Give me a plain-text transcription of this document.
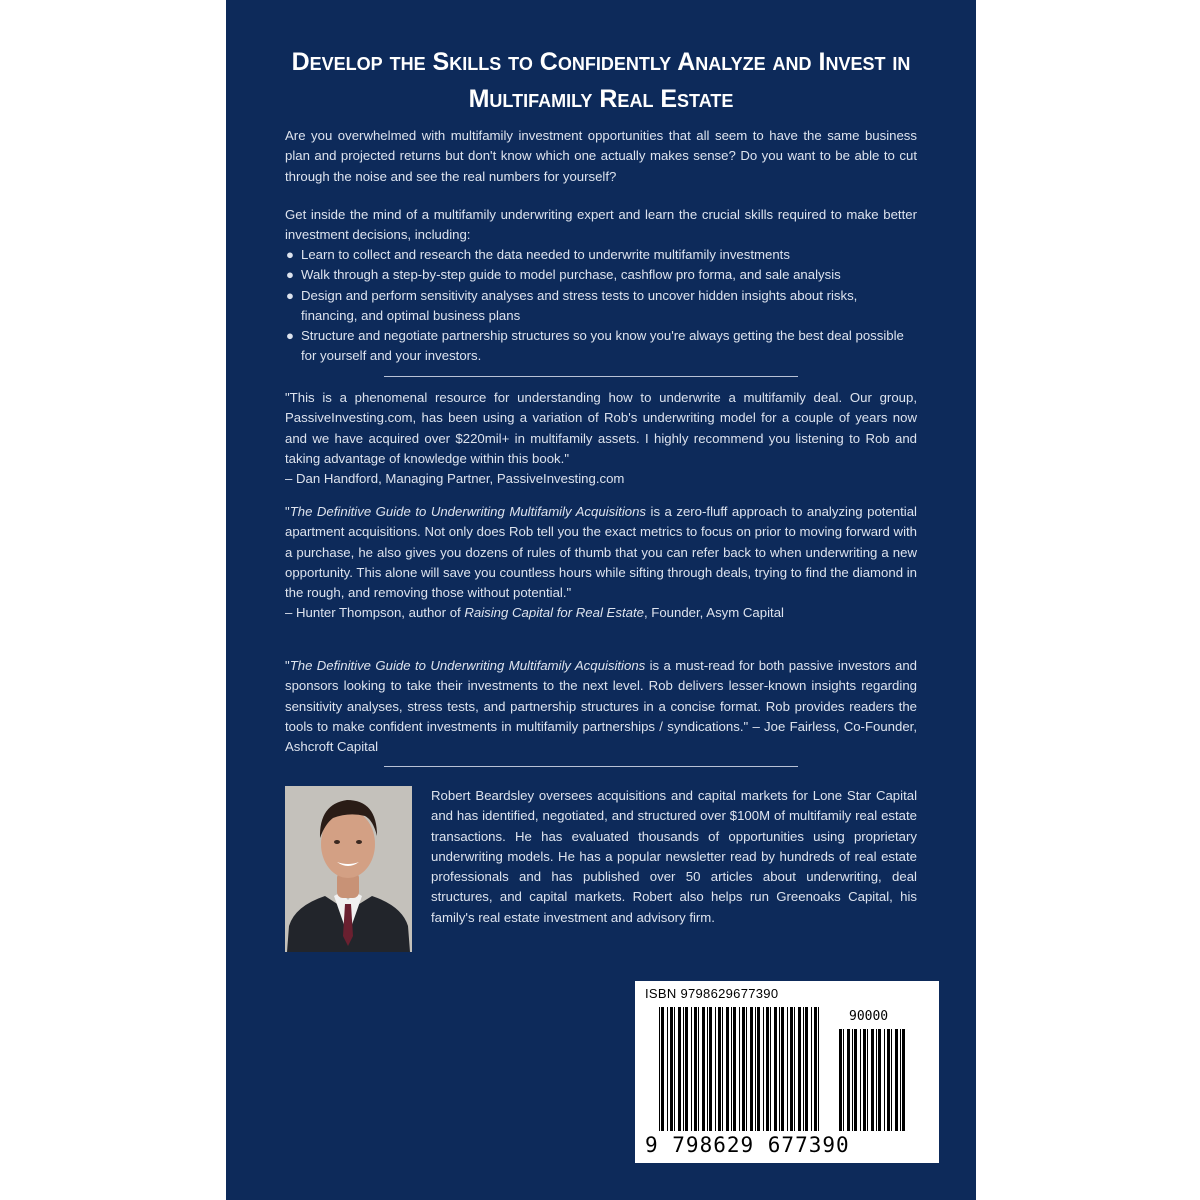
Develop the Skills to Confidently Analyze and Invest in Multifamily Real Estate

Are you overwhelmed with multifamily investment opportunities that all seem to have the same business plan and projected returns but don't know which one actually makes sense? Do you want to be able to cut through the noise and see the real numbers for yourself?

Get inside the mind of a multifamily underwriting expert and learn the crucial skills required to make better investment decisions, including:

● Learn to collect and research the data needed to underwrite multifamily investments
● Walk through a step-by-step guide to model purchase, cashflow pro forma, and sale analysis
● Design and perform sensitivity analyses and stress tests to uncover hidden insights about risks, financing, and optimal business plans
● Structure and negotiate partnership structures so you know you're always getting the best deal possible for yourself and your investors.

"This is a phenomenal resource for understanding how to underwrite a multifamily deal. Our group, PassiveInvesting.com, has been using a variation of Rob's underwriting model for a couple of years now and we have acquired over $220mil+ in multifamily assets. I highly recommend you listening to Rob and taking advantage of knowledge within this book."

– Dan Handford, Managing Partner, PassiveInvesting.com

"The Definitive Guide to Underwriting Multifamily Acquisitions is a zero-fluff approach to analyzing potential apartment acquisitions. Not only does Rob tell you the exact metrics to focus on prior to moving forward with a purchase, he also gives you dozens of rules of thumb that you can refer back to when underwriting a new opportunity. This alone will save you countless hours while sifting through deals, trying to find the diamond in the rough, and removing those without potential."

– Hunter Thompson, author of Raising Capital for Real Estate, Founder, Asym Capital

"The Definitive Guide to Underwriting Multifamily Acquisitions is a must-read for both passive investors and sponsors looking to take their investments to the next level. Rob delivers lesser-known insights regarding sensitivity analyses, stress tests, and partnership structures in a concise format. Rob provides readers the tools to make confident investments in multifamily partnerships / syndications." – Joe Fairless, Co-Founder, Ashcroft Capital

Robert Beardsley oversees acquisitions and capital markets for Lone Star Capital and has identified, negotiated, and structured over $100M of multifamily real estate transactions. He has evaluated thousands of opportunities using proprietary underwriting models. He has a popular newsletter read by hundreds of real estate professionals and has published over 50 articles about underwriting, deal structures, and capital markets. Robert also helps run Greenoaks Capital, his family's real estate investment and advisory firm.
ISBN 9798629677390
90000
9 798629 677390
